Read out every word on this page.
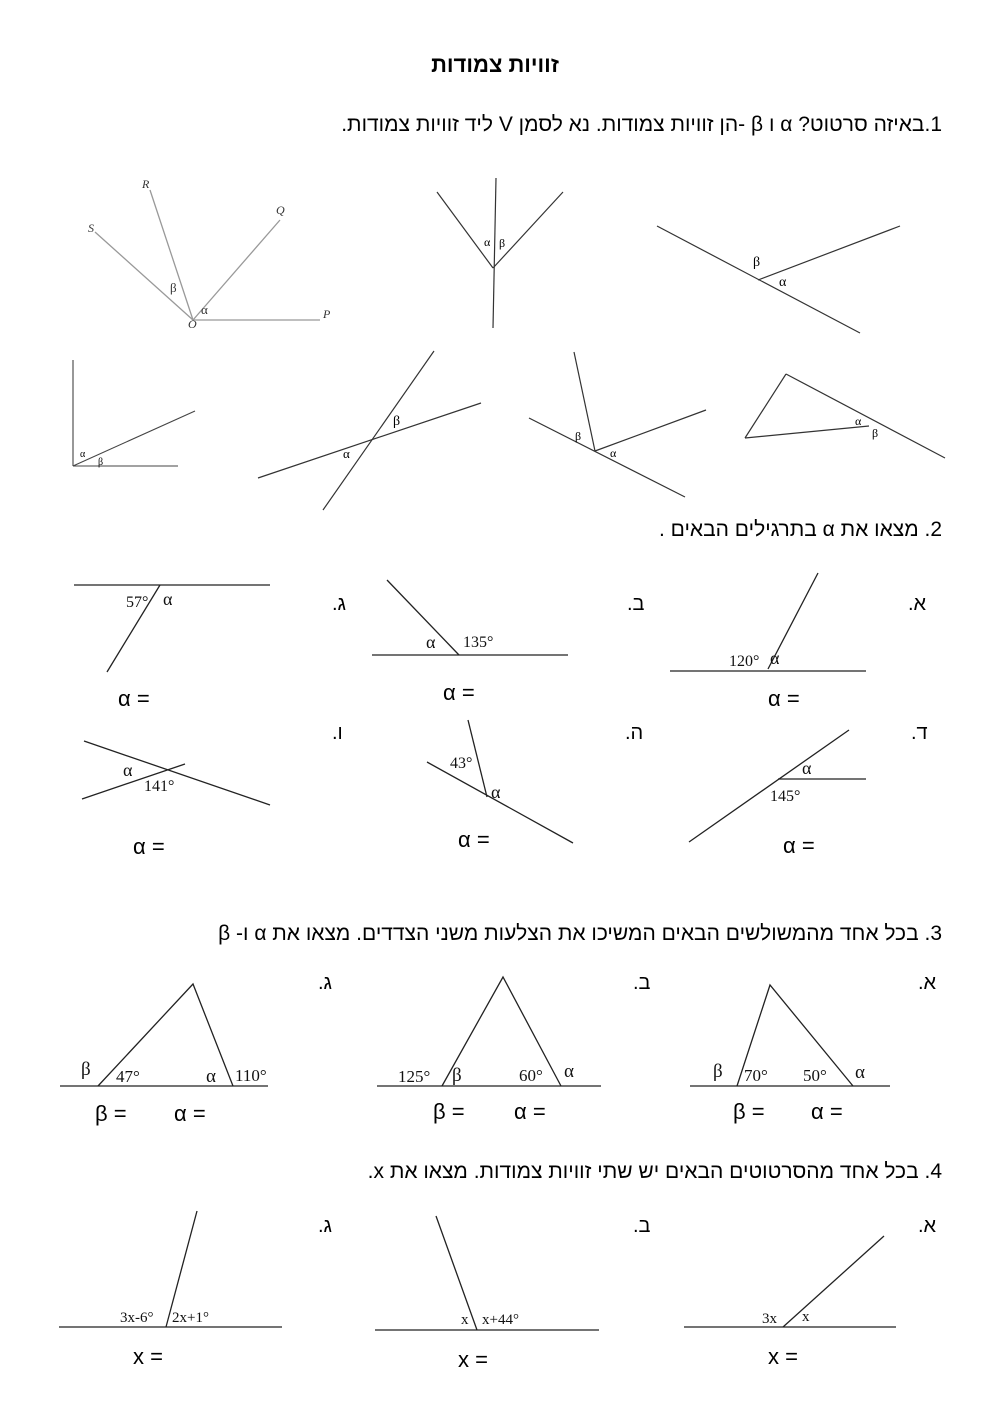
זוויות צמודות
1.באיזה סרטוט? α ו β -הן זוויות צמודות. נא לסמן V ליד זוויות צמודות.
S
R
Q
O
P
β
α
α β
β
α
α
β
β
α
β
α
α
β
120° α
135°
α
57° α
145°
α
43°
α
141°
α
β 70° 50° α
125° β	60° α
β 47°	α 110°
3x x
x x+44°
3x-6° 2x+1°
2. מצאו את α בתרגילים הבאים .
א.
ב.
ג.
ד.
ה.
ו.
α =
α =
α =
α =
α =
α =
3. בכל אחד מהמשולשים הבאים המשיכו את הצלעות משני הצדדים. מצאו את α ו- β
א.
ב.
ג.
β = α =
β = α =
β = α =
4. בכל אחד מהסרטוטים הבאים יש שתי זוויות צמודות. מצאו את x.
א.
ב.
ג.
x =
x =
x =
